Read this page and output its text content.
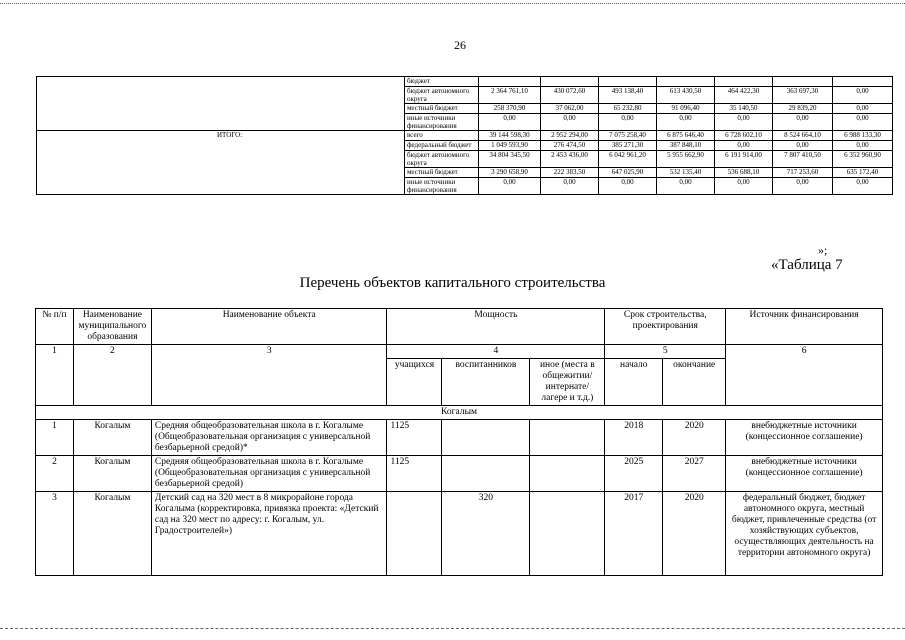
26
	бюджет							
	бюджет автономного округа	2 364 761,10	430 072,60	493 138,40	613 430,50	464 422,30	363 697,30	0,00
	местный бюджет	258 370,90	37 062,00	65 232,80	91 096,40	35 140,50	29 839,20	0,00
	иные источники финансирования	0,00	0,00	0,00	0,00	0,00	0,00	0,00
ИТОГО:	всего	39 144 598,30	2 952 294,00	7 075 258,40	6 875 646,40	6 728 602,10	8 524 664,10	6 988 133,30
	федеральный бюджет	1 049 593,90	276 474,50	385 271,30	387 848,10	0,00	0,00	0,00
	бюджет автономного округа	34 804 345,50	2 453 436,00	6 042 961,20	5 955 662,90	6 191 914,00	7 807 410,50	6 352 960,90
	местный бюджет	3 290 658,90	222 383,50	647 025,90	532 135,40	536 688,10	717 253,60	635 172,40
	иные источники финансирования	0,00	0,00	0,00	0,00	0,00	0,00	0,00
»;
«Таблица 7
Перечень объектов капитального строительства
№ п/п	Наименование муниципального образования	Наименование объекта	Мощность			Срок строительства, проектирования		Источник финансирования
1	2	3	4			5		6
			учащихся	воспитанников	иное (места в общежитии/ интернате/ лагере и т.д.)	начало	окончание	
Когалым								
1	Когалым	Средняя общеобразовательная школа в г. Когалыме (Общеобразовательная организация с универсальной безбарьерной средой)*	1125			2018	2020	внебюджетные источники (концессионное соглашение)
2	Когалым	Средняя общеобразовательная школа в г. Когалыме (Общеобразовательная организация с универсальной безбарьерной средой)	1125			2025	2027	внебюджетные источники (концессионное соглашение)
3	Когалым	Детский сад на 320 мест в 8 микрорайоне города Когалыма (корректировка, привязка проекта: «Детский сад на 320 мест по адресу: г. Когалым, ул. Градостроителей»)		320		2017	2020	федеральный бюджет, бюджет автономного округа, местный бюджет, привлеченные средства (от хозяйствующих субъектов, осуществляющих деятельность на территории автономного округа)
